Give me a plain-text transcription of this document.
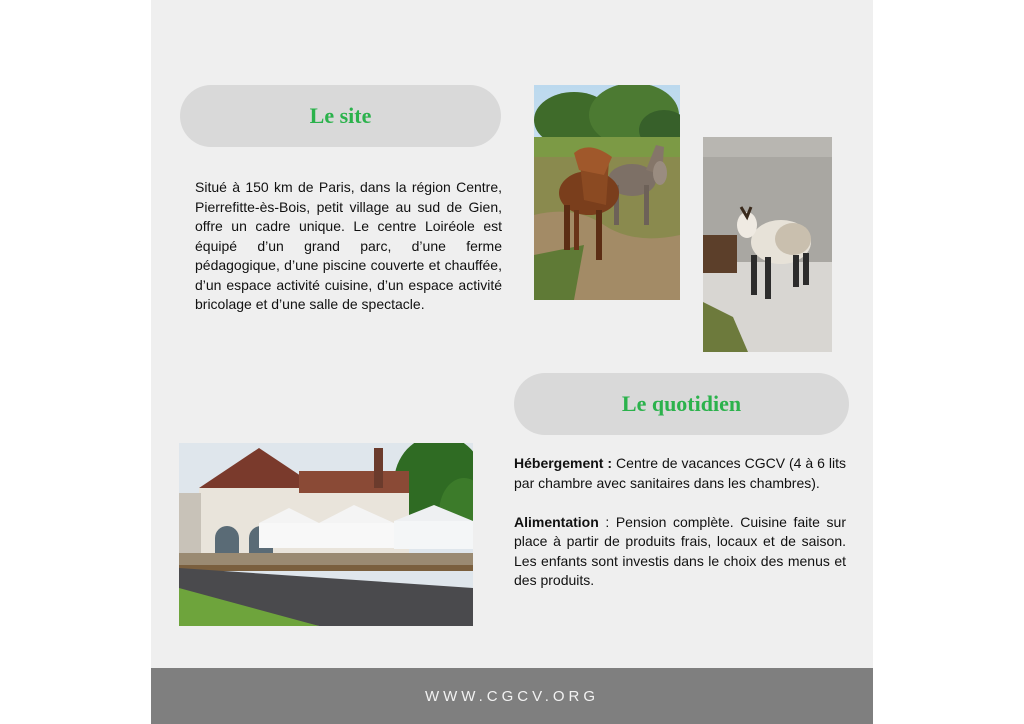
Le site

Situé à 150 km de Paris, dans la région Centre, Pierrefitte-ès-Bois, petit village au sud de Gien, offre un cadre unique. Le centre Loiréole est équipé d’un grand parc, d’une ferme pédagogique, d’une piscine couverte et chauffée, d’un espace activité cuisine, d’un espace activité bricolage et d’une salle de spectacle.

Le quotidien

Hébergement : Centre de vacances CGCV (4 à 6 lits par chambre avec sanitaires dans les chambres).

Alimentation : Pension complète. Cuisine faite sur place à partir de produits frais, locaux et de saison. Les enfants sont investis dans le choix des menus et des produits.

WWW.CGCV.ORG
